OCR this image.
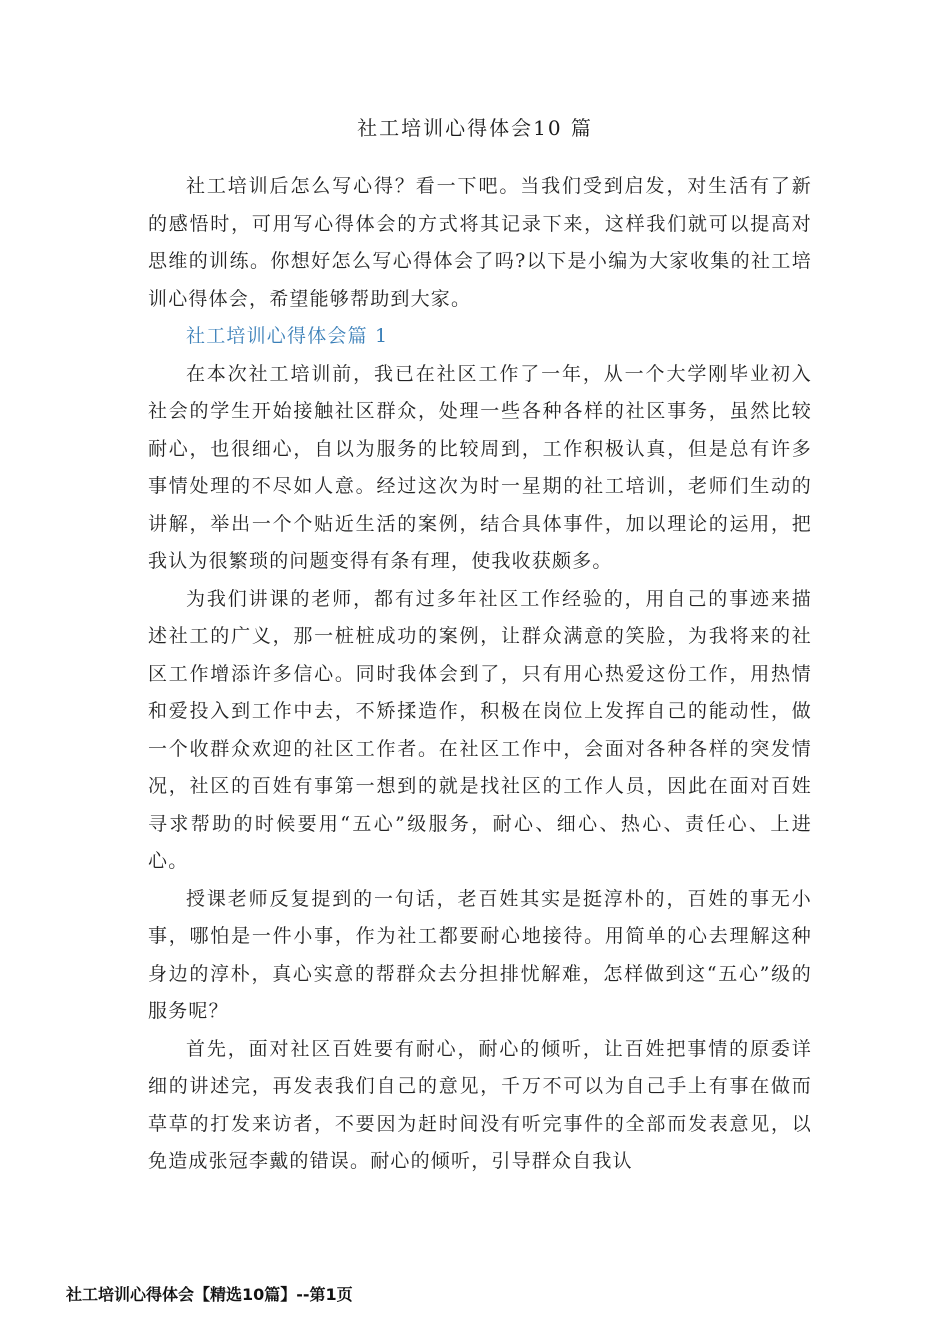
社工培训心得体会10 篇

社工培训后怎么写心得？看一下吧。当我们受到启发，对生活有了新的感悟时，可用写心得体会的方式将其记录下来，这样我们就可以提高对思维的训练。你想好怎么写心得体会了吗?以下是小编为大家收集的社工培训心得体会，希望能够帮助到大家。

社工培训心得体会篇 1

在本次社工培训前，我已在社区工作了一年，从一个大学刚毕业初入社会的学生开始接触社区群众，处理一些各种各样的社区事务，虽然比较耐心，也很细心，自以为服务的比较周到，工作积极认真，但是总有许多事情处理的不尽如人意。经过这次为时一星期的社工培训，老师们生动的讲解，举出一个个贴近生活的案例，结合具体事件，加以理论的运用，把我认为很繁琐的问题变得有条有理，使我收获颇多。

为我们讲课的老师，都有过多年社区工作经验的，用自己的事迹来描述社工的广义，那一桩桩成功的案例，让群众满意的笑脸，为我将来的社区工作增添许多信心。同时我体会到了，只有用心热爱这份工作，用热情和爱投入到工作中去，不矫揉造作，积极在岗位上发挥自己的能动性，做一个收群众欢迎的社区工作者。在社区工作中，会面对各种各样的突发情况，社区的百姓有事第一想到的就是找社区的工作人员，因此在面对百姓寻求帮助的时候要用“五心”级服务，耐心、细心、热心、责任心、上进心。

授课老师反复提到的一句话，老百姓其实是挺淳朴的，百姓的事无小事，哪怕是一件小事，作为社工都要耐心地接待。用简单的心去理解这种身边的淳朴，真心实意的帮群众去分担排忧解难，怎样做到这“五心”级的服务呢？

首先，面对社区百姓要有耐心，耐心的倾听，让百姓把事情的原委详细的讲述完，再发表我们自己的意见，千万不可以为自己手上有事在做而草草的打发来访者，不要因为赶时间没有听完事件的全部而发表意见，以免造成张冠李戴的错误。耐心的倾听，引导群众自我认

社工培训心得体会【精选10篇】--第1页
